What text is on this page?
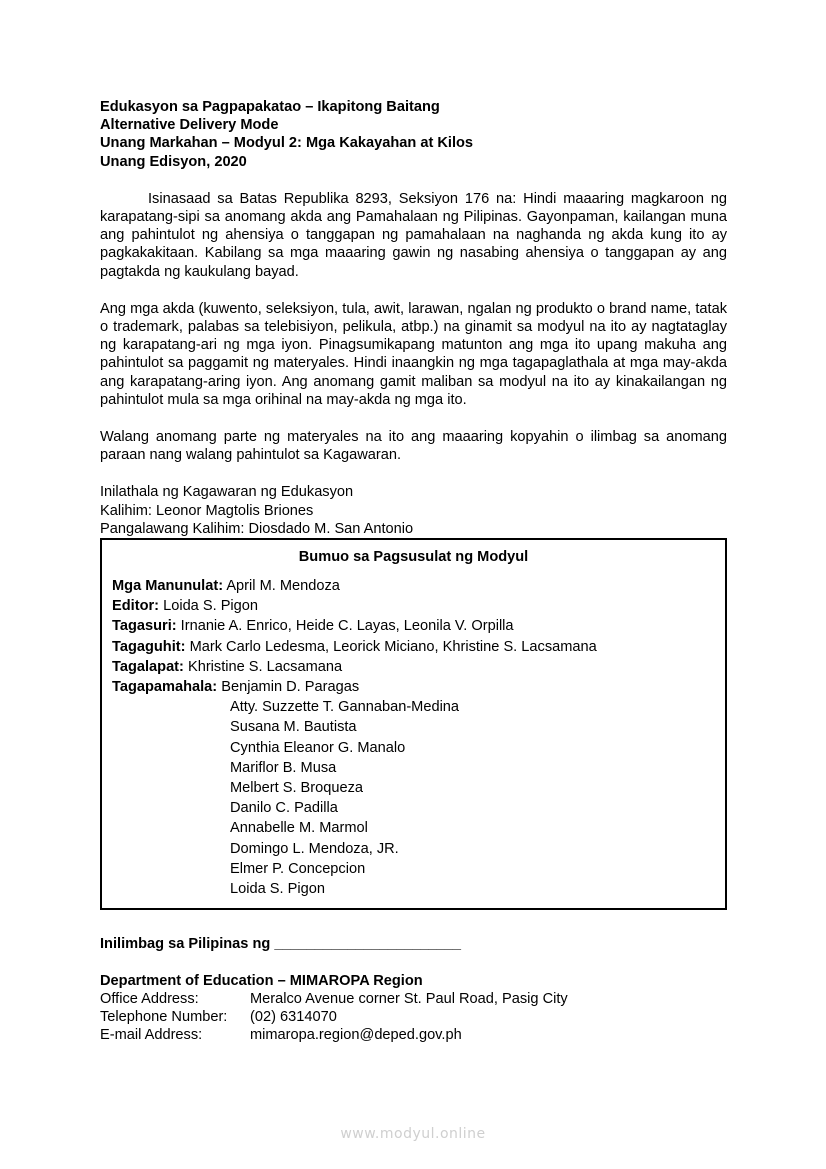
Edukasyon sa Pagpapakatao – Ikapitong Baitang
Alternative Delivery Mode
Unang Markahan – Modyul 2: Mga Kakayahan at Kilos
Unang Edisyon, 2020

Isinasaad sa Batas Republika 8293, Seksiyon 176 na: Hindi maaaring magkaroon ng karapatang-sipi sa anomang akda ang Pamahalaan ng Pilipinas. Gayonpaman, kailangan muna ang pahintulot ng ahensiya o tanggapan ng pamahalaan na naghanda ng akda kung ito ay pagkakakitaan. Kabilang sa mga maaaring gawin ng nasabing ahensiya o tanggapan ay ang pagtakda ng kaukulang bayad.

Ang mga akda (kuwento, seleksiyon, tula, awit, larawan, ngalan ng produkto o brand name, tatak o trademark, palabas sa telebisiyon, pelikula, atbp.) na ginamit sa modyul na ito ay nagtataglay ng karapatang-ari ng mga iyon. Pinagsumikapang matunton ang mga ito upang makuha ang pahintulot sa paggamit ng materyales. Hindi inaangkin ng mga tagapaglathala at mga may-akda ang karapatang-aring iyon. Ang anomang gamit maliban sa modyul na ito ay kinakailangan ng pahintulot mula sa mga orihinal na may-akda ng mga ito.

Walang anomang parte ng materyales na ito ang maaaring kopyahin o ilimbag sa anomang paraan nang walang pahintulot sa Kagawaran.

Inilathala ng Kagawaran ng Edukasyon
Kalihim: Leonor Magtolis Briones
Pangalawang Kalihim: Diosdado M. San Antonio
Bumuo sa Pagsusulat ng Modyul
Mga Manunulat: April M. Mendoza
Editor: Loida S. Pigon
Tagasuri: Irnanie A. Enrico, Heide C. Layas, Leonila V. Orpilla
Tagaguhit: Mark Carlo Ledesma, Leorick Miciano, Khristine S. Lacsamana
Tagalapat: Khristine S. Lacsamana
Tagapamahala: Benjamin D. Paragas
Atty. Suzzette T. Gannaban-Medina
Susana M. Bautista
Cynthia Eleanor G. Manalo
Mariflor B. Musa
Melbert S. Broqueza
Danilo C. Padilla
Annabelle M. Marmol
Domingo L. Mendoza, JR.
Elmer P. Concepcion
Loida S. Pigon
Inilimbag sa Pilipinas ng _______________________
Department of Education – MIMAROPA Region
Office Address:	Meralco Avenue corner St. Paul Road, Pasig City
Telephone Number:	(02) 6314070
E-mail Address:	mimaropa.region@deped.gov.ph
www.modyul.online
